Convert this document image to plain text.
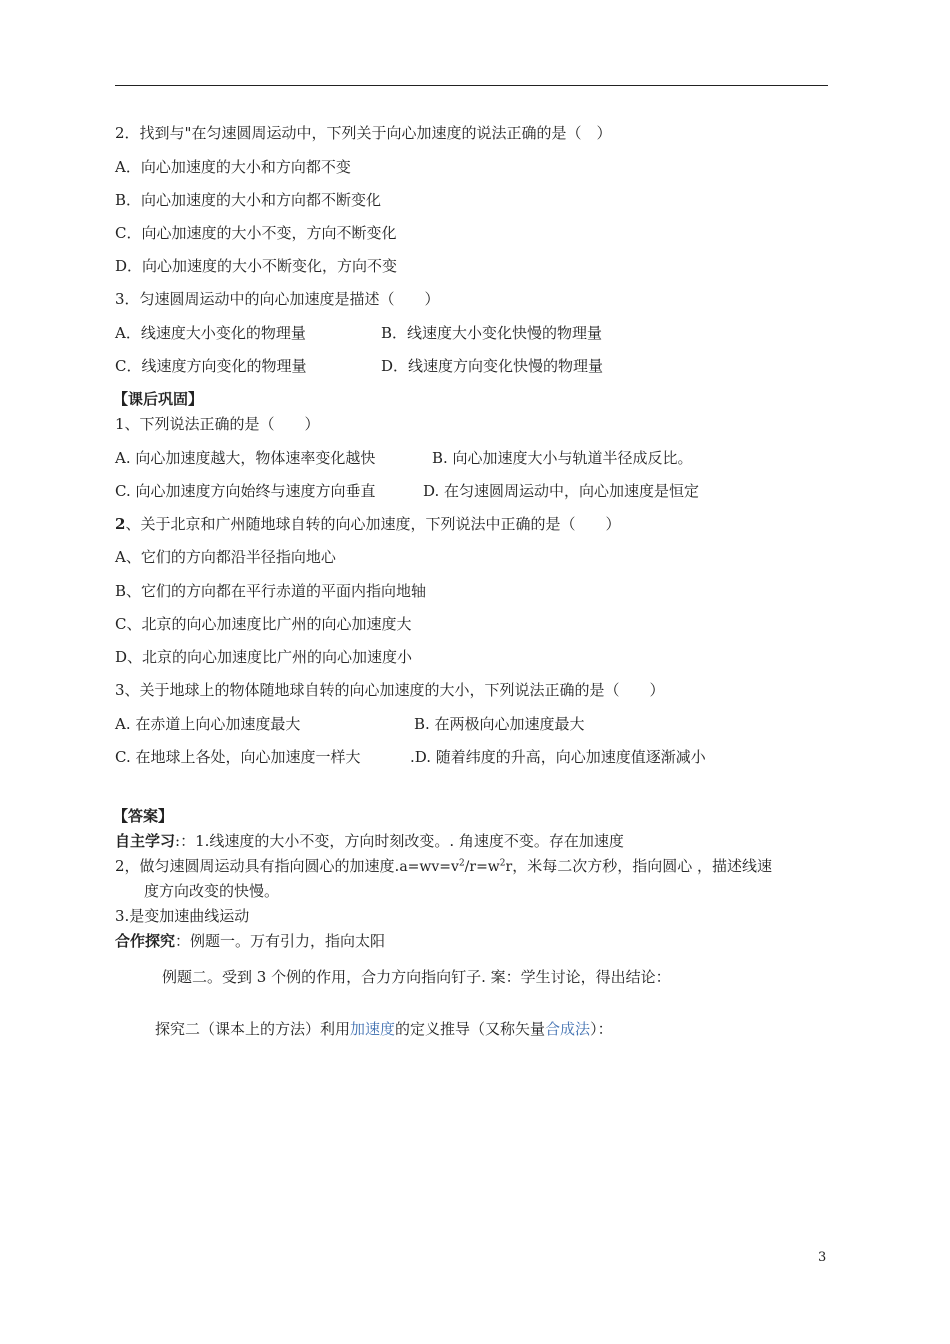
2．找到与"在匀速圆周运动中，下列关于向心加速度的说法正确的是（　）
A．向心加速度的大小和方向都不变
B．向心加速度的大小和方向都不断变化
C．向心加速度的大小不变，方向不断变化
D．向心加速度的大小不断变化，方向不变
3．匀速圆周运动中的向心加速度是描述（　　）
A．线速度大小变化的物理量	B．线速度大小变化快慢的物理量
C．线速度方向变化的物理量	D．线速度方向变化快慢的物理量
【课后巩固】
1、下列说法正确的是（　　）
A. 向心加速度越大，物体速率变化越快	B. 向心加速度大小与轨道半径成反比。
C. 向心加速度方向始终与速度方向垂直	D. 在匀速圆周运动中，向心加速度是恒定
2、关于北京和广州随地球自转的向心加速度，下列说法中正确的是（　　）
A、它们的方向都沿半径指向地心
B、它们的方向都在平行赤道的平面内指向地轴
C、北京的向心加速度比广州的向心加速度大
D、北京的向心加速度比广州的向心加速度小
3、关于地球上的物体随地球自转的向心加速度的大小，下列说法正确的是（　　）
A. 在赤道上向心加速度最大	B. 在两极向心加速度最大
C. 在地球上各处，向心加速度一样大	.D. 随着纬度的升高，向心加速度值逐渐减小
【答案】
自主学习:：1.线速度的大小不变，方向时刻改变。. 角速度不变。存在加速度
2，做匀速圆周运动具有指向圆心的加速度$.a=wv=v^2/r=w^2r$，米每二次方秒，指向圆心 ，描述线速
度方向改变的快慢。
3.是变加速曲线运动
合作探究：例题一。万有引力，指向太阳
例题二。受到 3 个例的作用，合力方向指向钉子. 案：学生讨论，得出结论：
探究二（课本上的方法）利用加速度的定义推导（又称矢量合成法）：
3
